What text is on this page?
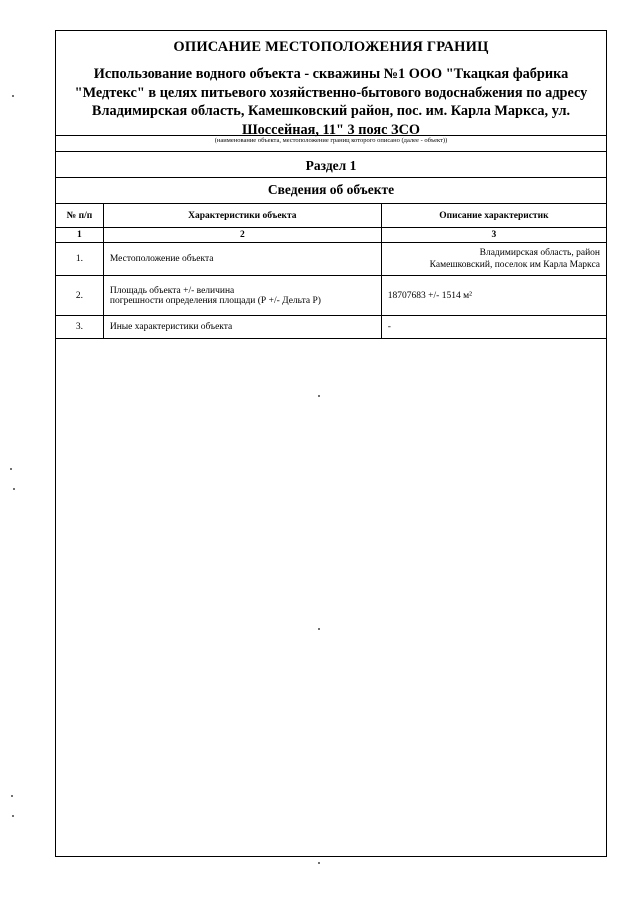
ОПИСАНИЕ МЕСТОПОЛОЖЕНИЯ ГРАНИЦ
Использование водного объекта - скважины №1 ООО "Ткацкая фабрика
"Медтекс" в целях питьевого хозяйственно-бытового водоснабжения по адресу
Владимирская область, Камешковский район, пос. им. Карла Маркса, ул.
Шоссейная, 11" 3 пояс ЗСО
(наименование объекта, местоположение границ которого описано (далее - объект))
Раздел 1
Сведения об объекте
№ п/п	Характеристики объекта	Описание характеристик
1	2	3
1.	Местоположение объекта	Владимирская область, район
Камешковский, поселок им Карла Маркса

2.	Площадь объекта +/- величина
погрешности определения площади (Р +/- Дельта Р)	18707683 +/- 1514 м²
3.	Иные характеристики объекта	-
